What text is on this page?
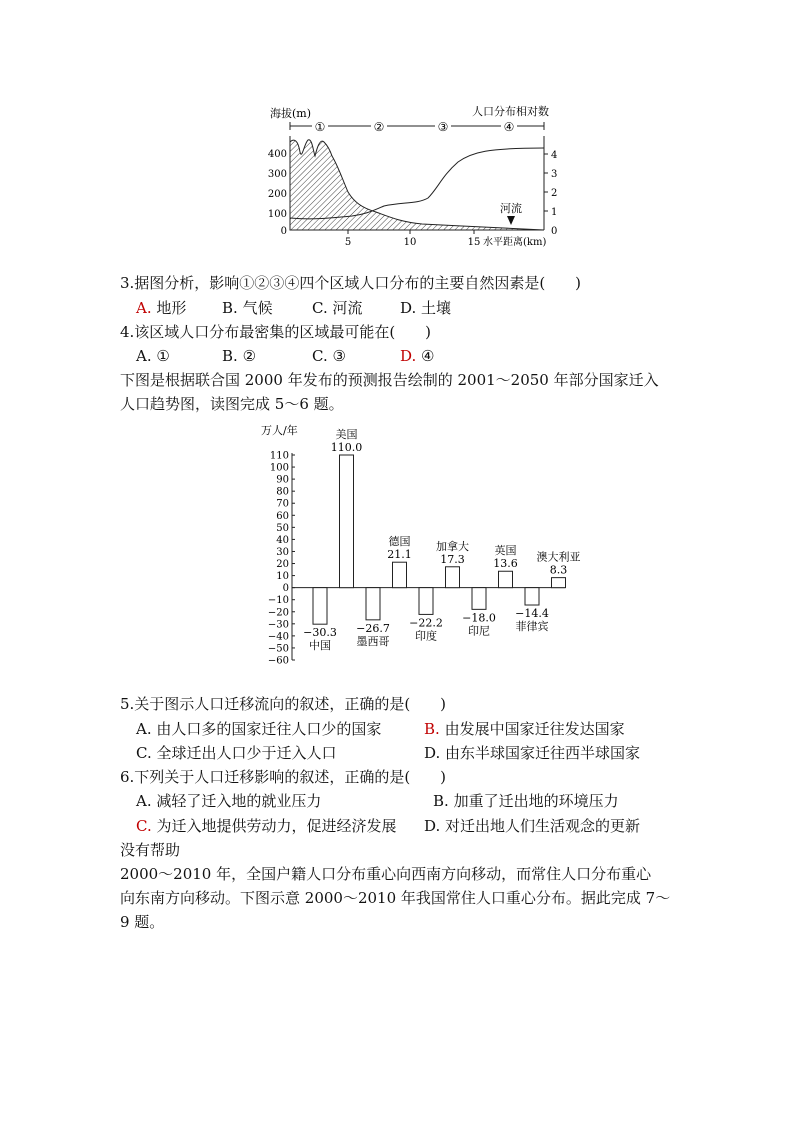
海拔(m)	人口分布相对数
①	②	③	④
400
300
200
100
0
4
3
2
1
0
5	10	15 水平距离(km)
河流
3.据图分析，影响①②③④四个区域人口分布的主要自然因素是(　　)
A. 地形 B. 气候	C. 河流 D. 土壤
4.该区域人口分布最密集的区域最可能在(　　)
A. ①	B. ②	C. ③	D. ④
下图是根据联合国 2000 年发布的预测报告绘制的 2001～2050 年部分国家迁入
人口趋势图，读图完成 5～6 题。
万人/年
110
100
90
80
70
60
50
40
30
20
10
0
−10
−20
−30
−40
−50
−60
−30.3
中国
110.0
美国
−26.7
墨西哥
21.1
德国
−22.2
印度
17.3
加拿大
−18.0
印尼
13.6
英国
−14.4
菲律宾
8.3
澳大利亚
5.关于图示人口迁移流向的叙述，正确的是(　　)
A. 由人口多的国家迁往人口少的国家	B. 由发展中国家迁往发达国家
C. 全球迁出人口少于迁入人口	D. 由东半球国家迁往西半球国家
6.下列关于人口迁移影响的叙述，正确的是(　　)
A. 减轻了迁入地的就业压力	B. 加重了迁出地的环境压力
C. 为迁入地提供劳动力，促进经济发展 D. 对迁出地人们生活观念的更新
没有帮助
2000～2010 年，全国户籍人口分布重心向西南方向移动，而常住人口分布重心
向东南方向移动。下图示意 2000～2010 年我国常住人口重心分布。据此完成 7～
9 题。
